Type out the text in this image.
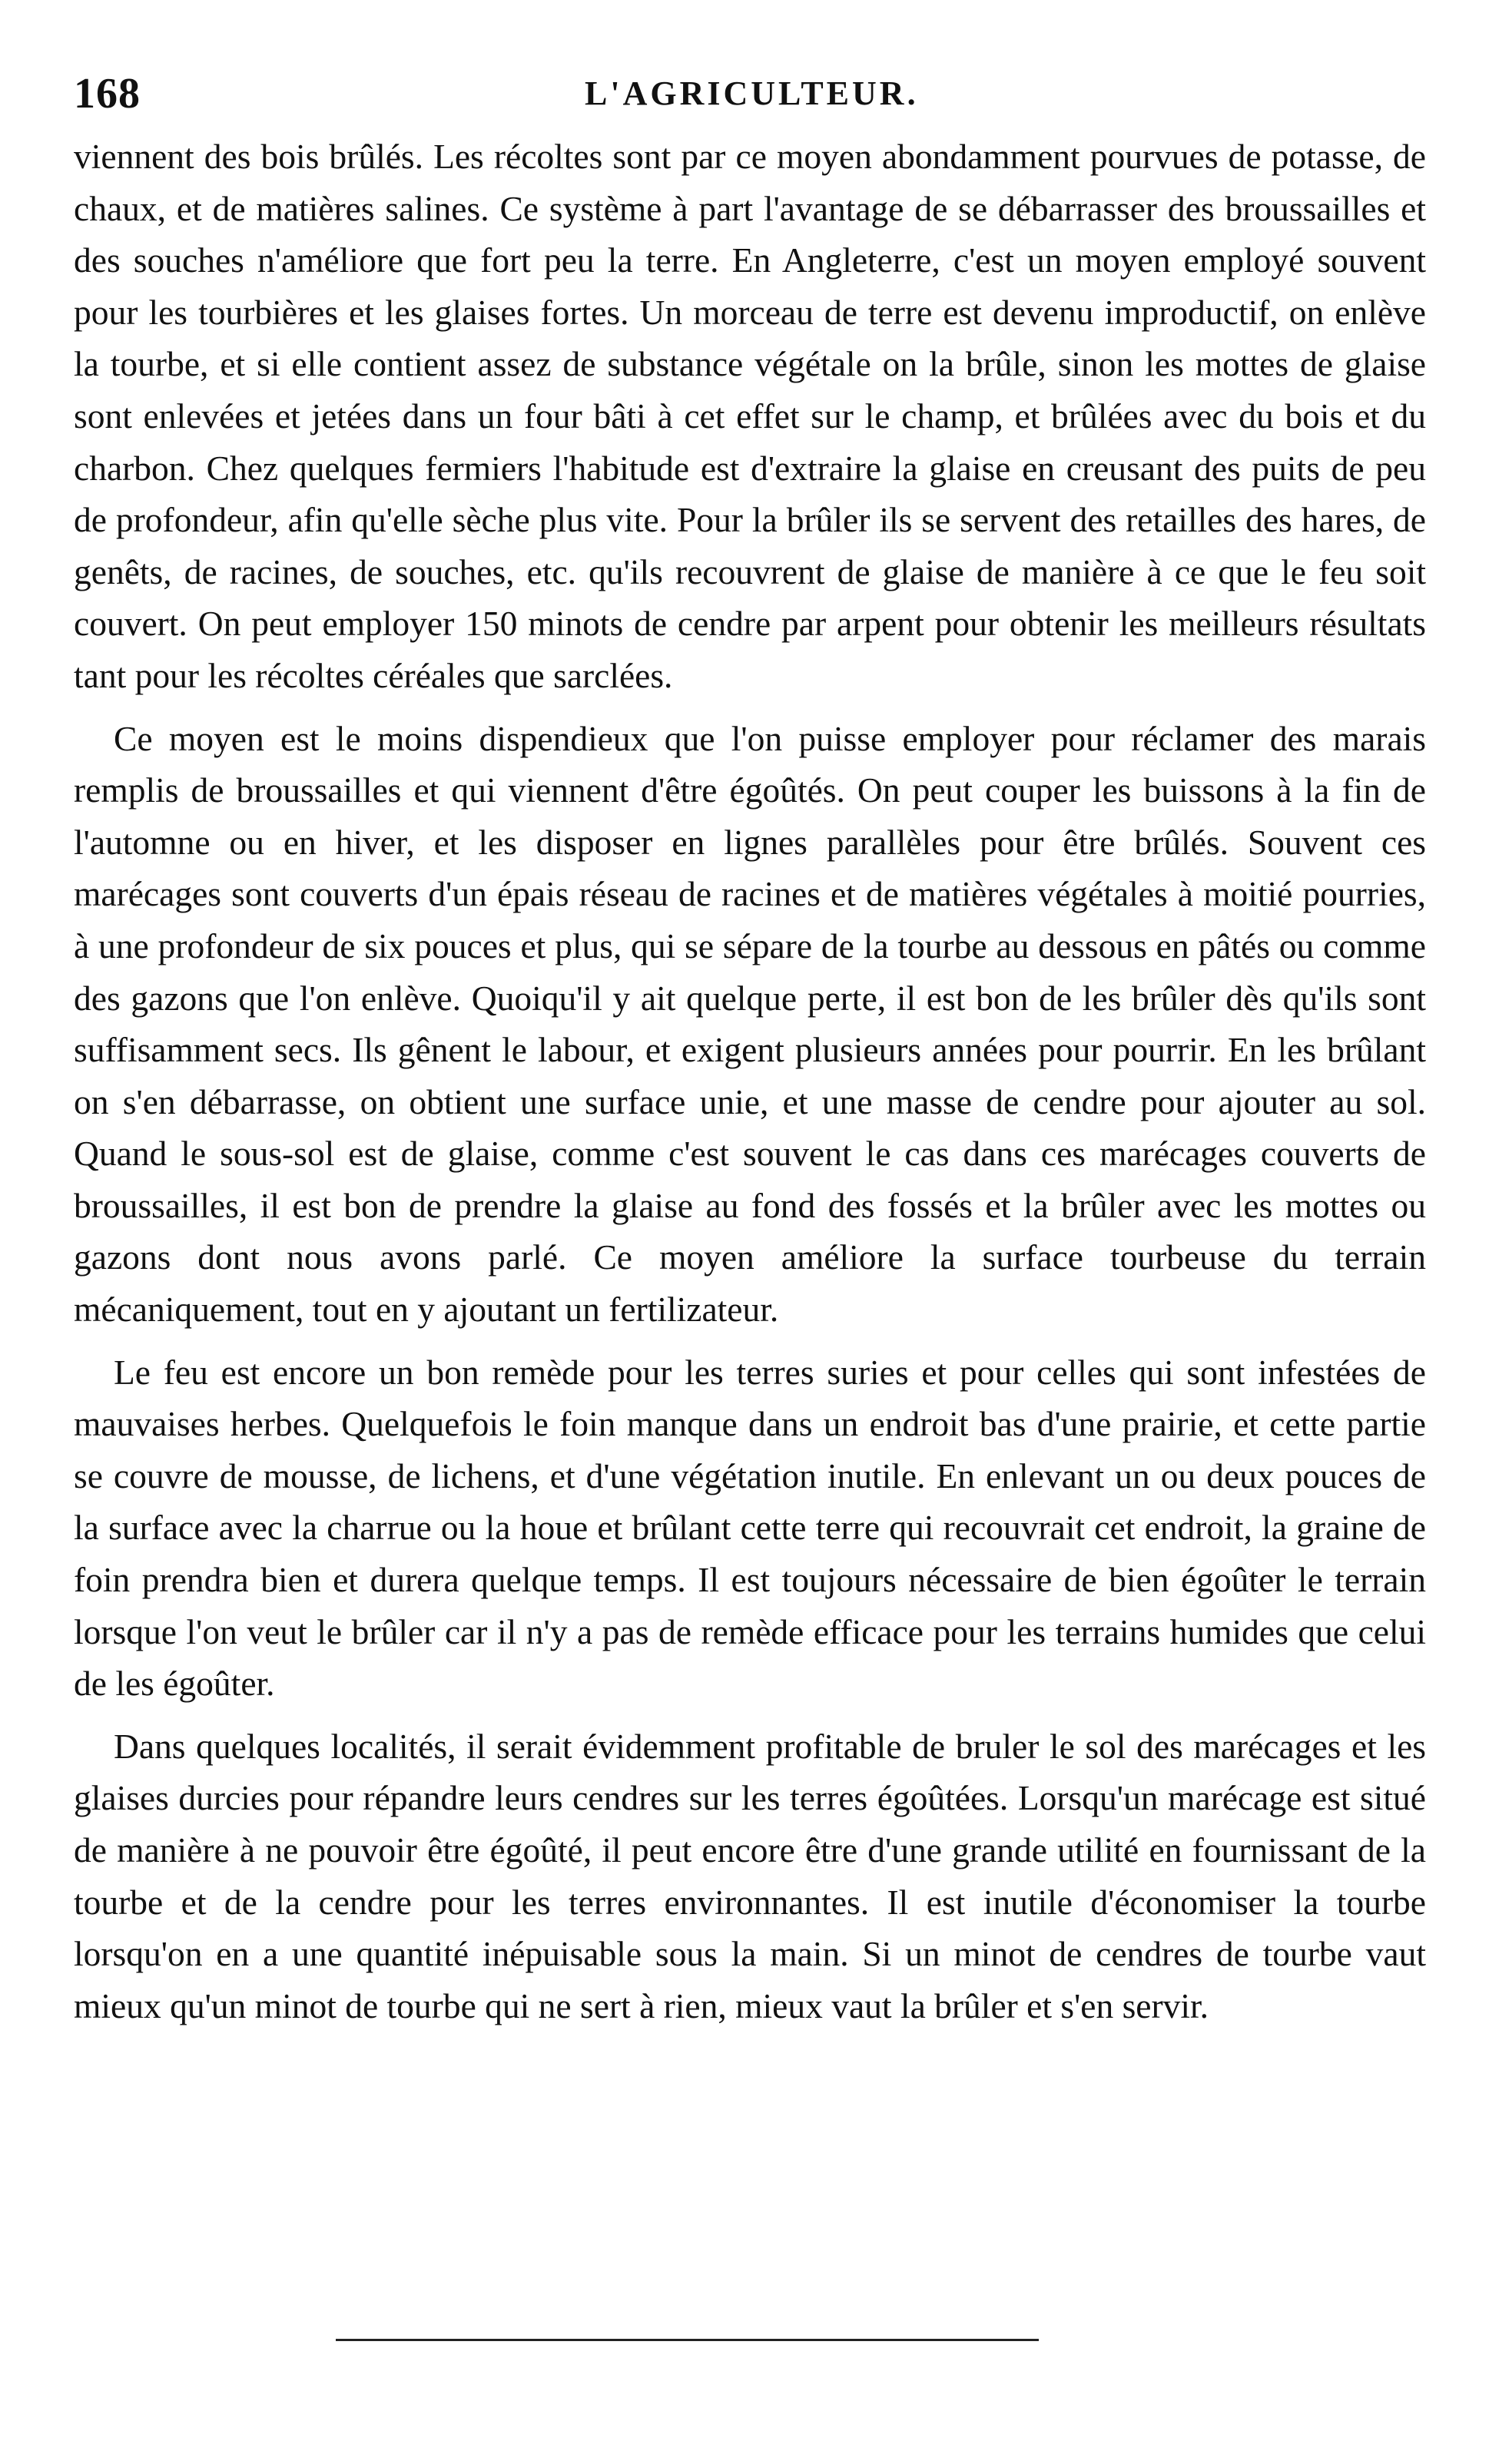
168	L'AGRICULTEUR.

viennent des bois brûlés. Les récoltes sont par ce moyen abondamment pourvues de potasse, de chaux, et de matières salines. Ce système à part l'avantage de se débarrasser des broussailles et des souches n'améliore que fort peu la terre. En Angleterre, c'est un moyen employé souvent pour les tourbières et les glaises fortes. Un morceau de terre est devenu improductif, on enlève la tourbe, et si elle contient assez de substance végétale on la brûle, sinon les mottes de glaise sont enlevées et jetées dans un four bâti à cet effet sur le champ, et brûlées avec du bois et du charbon. Chez quelques fermiers l'habitude est d'extraire la glaise en creusant des puits de peu de profondeur, afin qu'elle sèche plus vite. Pour la brûler ils se servent des retailles des hares, de genêts, de racines, de souches, etc. qu'ils recouvrent de glaise de manière à ce que le feu soit couvert. On peut employer 150 minots de cendre par arpent pour obtenir les meilleurs résultats tant pour les récoltes céréales que sarclées.

Ce moyen est le moins dispendieux que l'on puisse employer pour réclamer des marais remplis de broussailles et qui viennent d'être égoûtés. On peut couper les buissons à la fin de l'automne ou en hiver, et les disposer en lignes parallèles pour être brûlés. Souvent ces marécages sont couverts d'un épais réseau de racines et de matières végétales à moitié pourries, à une profondeur de six pouces et plus, qui se sépare de la tourbe au dessous en pâtés ou comme des gazons que l'on enlève. Quoiqu'il y ait quelque perte, il est bon de les brûler dès qu'ils sont suffisamment secs. Ils gênent le labour, et exigent plusieurs années pour pourrir. En les brûlant on s'en débarrasse, on obtient une surface unie, et une masse de cendre pour ajouter au sol. Quand le sous-sol est de glaise, comme c'est souvent le cas dans ces marécages couverts de broussailles, il est bon de prendre la glaise au fond des fossés et la brûler avec les mottes ou gazons dont nous avons parlé. Ce moyen améliore la surface tourbeuse du terrain mécaniquement, tout en y ajoutant un fertilizateur.

Le feu est encore un bon remède pour les terres suries et pour celles qui sont infestées de mauvaises herbes. Quelquefois le foin manque dans un endroit bas d'une prairie, et cette partie se couvre de mousse, de lichens, et d'une végétation inutile. En enlevant un ou deux pouces de la surface avec la charrue ou la houe et brûlant cette terre qui recouvrait cet endroit, la graine de foin prendra bien et durera quelque temps. Il est toujours nécessaire de bien égoûter le terrain lorsque l'on veut le brûler car il n'y a pas de remède efficace pour les terrains humides que celui de les égoûter.

Dans quelques localités, il serait évidemment profitable de bruler le sol des marécages et les glaises durcies pour répandre leurs cendres sur les terres égoûtées. Lorsqu'un marécage est situé de manière à ne pouvoir être égoûté, il peut encore être d'une grande utilité en fournissant de la tourbe et de la cendre pour les terres environnantes. Il est inutile d'économiser la tourbe lorsqu'on en a une quantité inépuisable sous la main. Si un minot de cendres de tourbe vaut mieux qu'un minot de tourbe qui ne sert à rien, mieux vaut la brûler et s'en servir.
